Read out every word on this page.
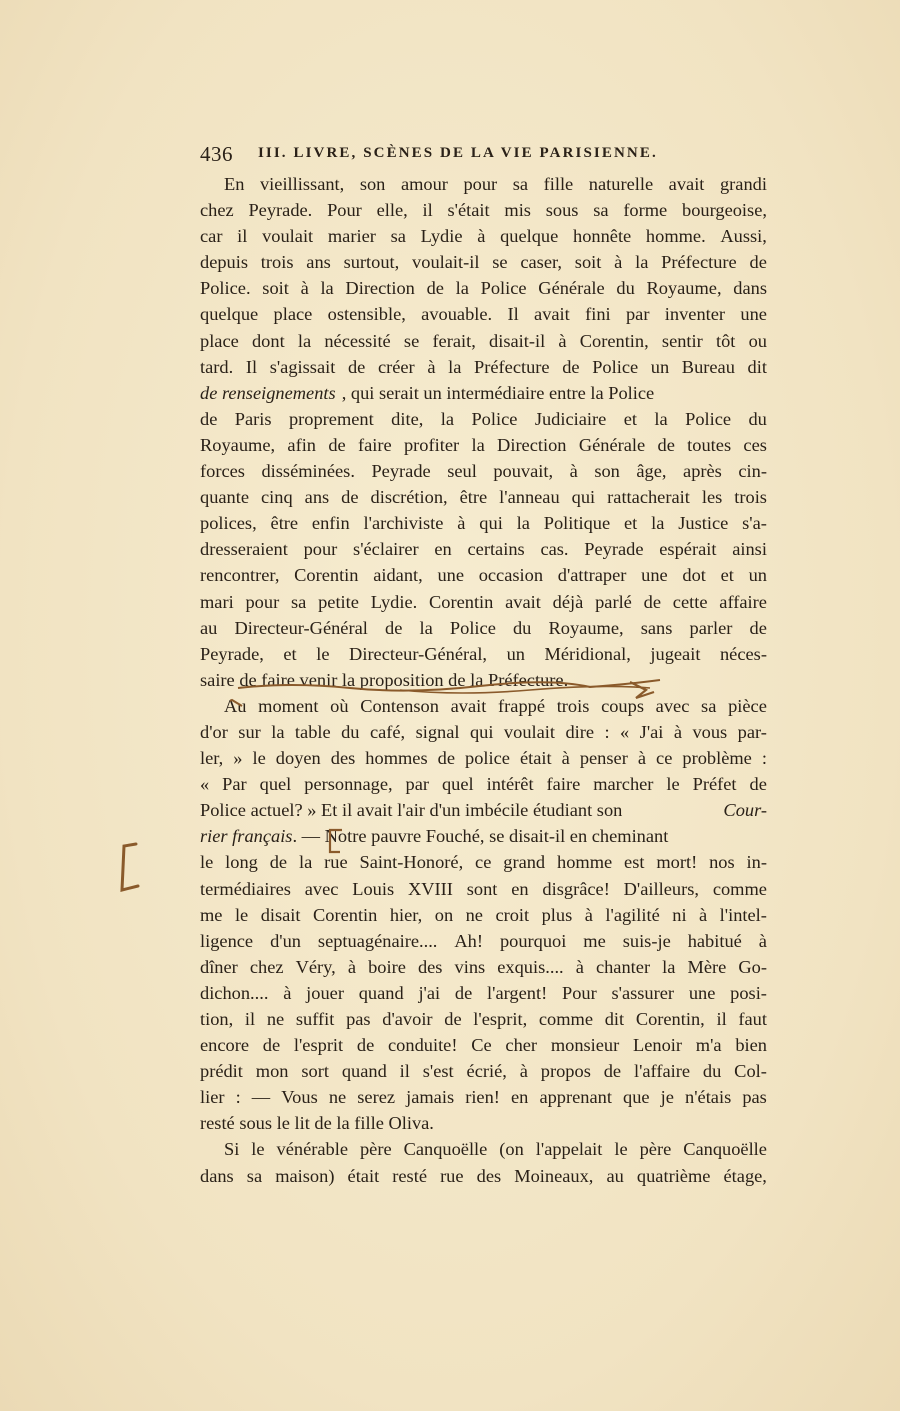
436 III. LIVRE, SCÈNES DE LA VIE PARISIENNE.
En vieillissant, son amour pour sa fille naturelle avait grandi
chez Peyrade. Pour elle, il s'était mis sous sa forme bourgeoise,
car il voulait marier sa Lydie à quelque honnête homme. Aussi,
depuis trois ans surtout, voulait-il se caser, soit à la Préfecture de
Police. soit à la Direction de la Police Générale du Royaume, dans
quelque place ostensible, avouable. Il avait fini par inventer une
place dont la nécessité se ferait, disait-il à Corentin, sentir tôt ou
tard. Il s'agissait de créer à la Préfecture de Police un Bureau dit
de renseignements , qui serait un intermédiaire entre la Police
de Paris proprement dite, la Police Judiciaire et la Police du
Royaume, afin de faire profiter la Direction Générale de toutes ces
forces disséminées. Peyrade seul pouvait, à son âge, après cin-
quante cinq ans de discrétion, être l'anneau qui rattacherait les trois
polices, être enfin l'archiviste à qui la Politique et la Justice s'a-
dresseraient pour s'éclairer en certains cas. Peyrade espérait ainsi
rencontrer, Corentin aidant, une occasion d'attraper une dot et un
mari pour sa petite Lydie. Corentin avait déjà parlé de cette affaire
au Directeur-Général de la Police du Royaume, sans parler de
Peyrade, et le Directeur-Général, un Méridional, jugeait néces-
saire de faire venir la proposition de la Préfecture.
Au moment où Contenson avait frappé trois coups avec sa pièce
d'or sur la table du café, signal qui voulait dire : « J'ai à vous par-
ler, » le doyen des hommes de police était à penser à ce problème :
« Par quel personnage, par quel intérêt faire marcher le Préfet de
Police actuel? » Et il avait l'air d'un imbécile étudiant son	Cour-
rier français . — Notre pauvre Fouché, se disait-il en cheminant
le long de la rue Saint-Honoré, ce grand homme est mort! nos in-
termédiaires avec Louis XVIII sont en disgrâce! D'ailleurs, comme
me le disait Corentin hier, on ne croit plus à l'agilité ni à l'intel-
ligence d'un septuagénaire.... Ah! pourquoi me suis-je habitué à
dîner chez Véry, à boire des vins exquis.... à chanter la Mère Go-
dichon.... à jouer quand j'ai de l'argent! Pour s'assurer une posi-
tion, il ne suffit pas d'avoir de l'esprit, comme dit Corentin, il faut
encore de l'esprit de conduite! Ce cher monsieur Lenoir m'a bien
prédit mon sort quand il s'est écrié, à propos de l'affaire du Col-
lier : — Vous ne serez jamais rien! en apprenant que je n'étais pas
resté sous le lit de la fille Oliva.
Si le vénérable père Canquoëlle (on l'appelait le père Canquoëlle
dans sa maison) était resté rue des Moineaux, au quatrième étage,
